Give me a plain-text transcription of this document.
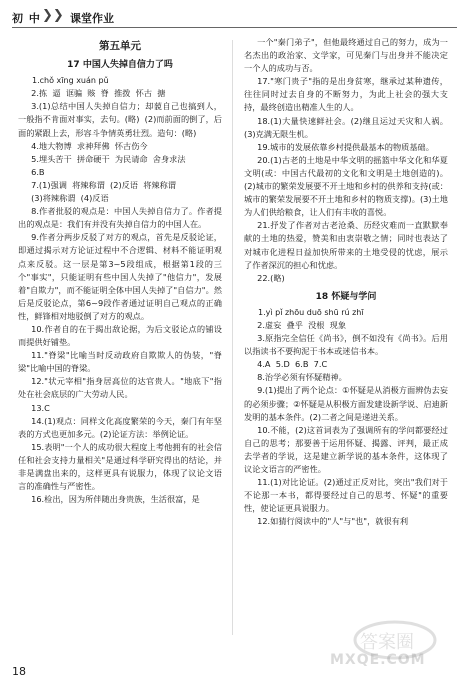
初 中 ❯❯ 课堂作业
第五单元
17 中国人失掉自信力了吗

1.chǒ xīng xuán pǔ

2.拣  逼  诓骗  赅  脊  推拨  怀古  搪

3.(1)总结中国人失掉自信力；却藐自己也搞到人，一般指不肯面对事实，去句。(略)  (2)而前面的倒了，后面的紧跟上去，形容斗争情英勇壮烈。造句：(略)

4.地大物博  求神拜佛  怀古伤今

5.埋头苦干  拼命硬干  为民请命  舍身求法

6.B

7.(1)强调  将辣称谓  (2)反语  将辣称谓

(3)将辣称谓  (4)反语

8.作者批驳的观点是：中国人失掉自信力了。作者提出的观点是：我们有并没有失掉自信力的中国人在。

9.作者分两步反驳了对方的观点，首先是反驳论证，即通过揭示对方论证过程中不合逻辑、材料不能证明观点来反驳。这一层是第3~5段组成，根据第1段的三个"事实"，只能证明有些中国人失掉了"他信力"，发展着"自欺力"，而不能证明全体中国人失掉了"自信力"。然后是反驳论点，第6~9段作者通过证明自己观点的正确性，鲜锋相对地驳倒了对方的观点。

10.作者自的在于揭出敌论据，为后文驳论点的铺设而提供好铺垫。

11."脊梁"比喻当时反动政府自欺欺人的伪装，"脊梁"比喻中国的脊梁。

12."状元宰相"指身居高位的达官贵人。"地底下"指处在社会底层的广大劳动人民。

13.C

14.(1)观点：同样文化高度繁荣的今天，秦门有年坚表的方式也更加多元。(2)论证方法：举例论证。

15.表明"一个人的成功很大程度上考他拥有的社会信任和社会支持力量相关"是通过科学研究得出的结论，并非是满盘出来的，这样更具有说服力，体现了议论文语言的准确性与严密性。

16.检出，因为所伴随出身贵族，生活很富，是

一个"秦门弟子"，但他最终通过自己的努力，成为一名杰出的政治家、文学家，可见秦门与出身并不能决定一个人的成功与否。

17."寒门贵子"指的是出身贫寒，继承过某种遗传，往往同时过去自身的不断努力，为此上社会的强大支持，最终创造出精准人生的人。

18.(1)大量快速鲜社会。(2)继且运过天灾和人祸。(3)克满无限生机。

19.城市的发展依靠乡村提供最基本的物质基础。

20.(1)古老的土地是中华文明的摇篮中华文化和华夏文明(或：中国古代最初的文化和文明是土地创造的)。(2)城市的繁荣发展要不开土地和乡村的供养和支持(或：城市的繁荣发展要不开土地和乡村的物质支撑)。(3)土地为人们供给粮食，让人们有丰收的喜悦。

21.抒发了作者对古老沧桑、历经灾难而一直默默奉献的土地的热爱，赞美和由衷崇敬之情；同时也表达了对城市化进程日益加快所带来的土地受侵的忧虑，展示了作者深沉的担心和忧虑。

22.(略)

18 怀疑与学问

1.yì pǐ zhōu duō shū rú zhī

2.虚妄  叠乎  没根  现象

3.原指完全信任《尚书》，倒不如没有《尚书》。后用以指读书不要拘泥于书本或迷信书本。

4.A  5.D  6.B  7.C

8.治学必须有怀疑精神。

9.(1)提出了两个论点：①怀疑是从消极方面辨伪去妄的必须步骤；②怀疑是从积极方面发建设新学说、启迪新发明的基本条件。(2)二者之间是递进关系。

10.不能，(2)这首词表为了强调所有的学问都要经过自己的思考；那要善于运用怀疑、揭露、评判，最正成去学者的学说，这是建立新学说的基本条件，这体现了议论文语言的严密性。

11.(1)对比论证。(2)通过正反对比，突出"我们对于不论那一本书，都得要经过自己的思考、怀疑"的重要性，使论证更具说服力。

12.如猜行阅读中的"人"与"也"，就很有利

18
答案圈
MXQE.COM
